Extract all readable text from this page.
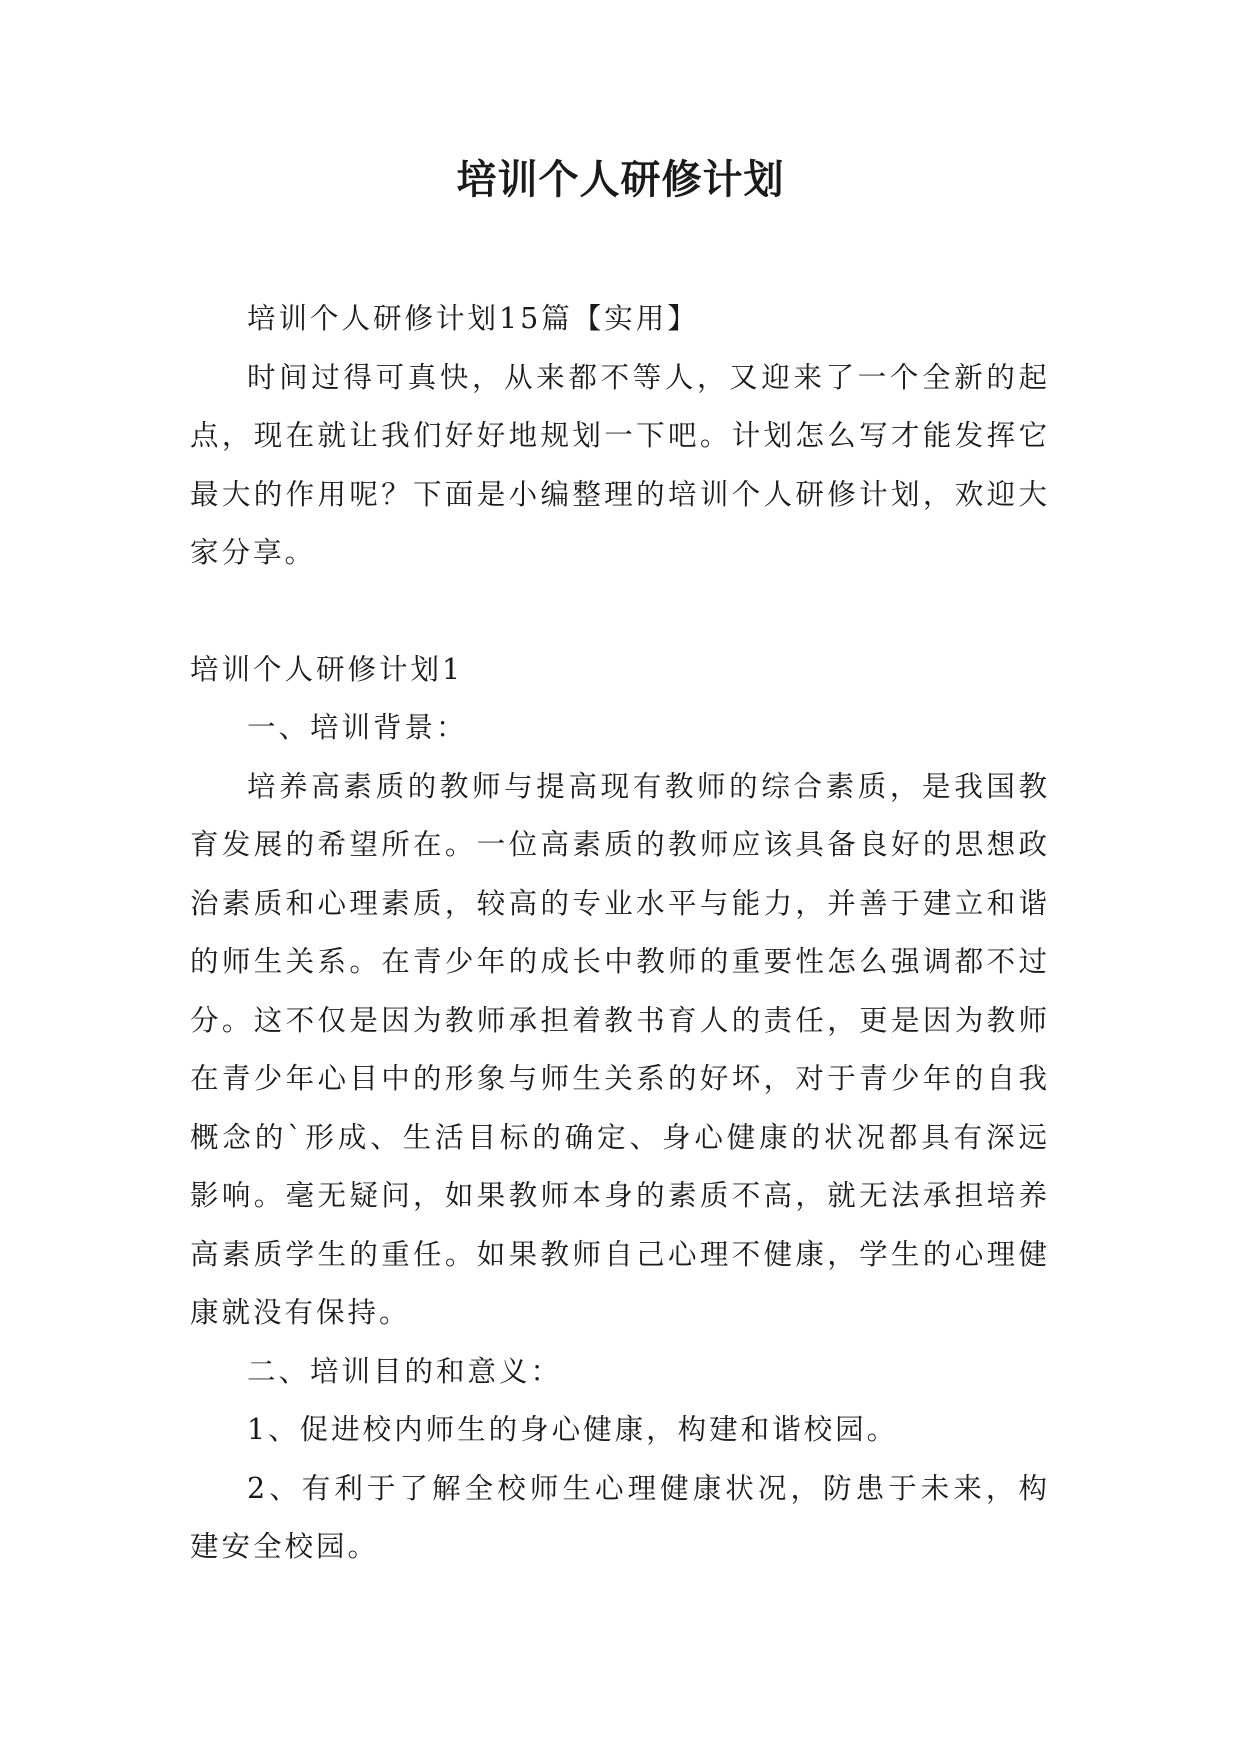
培训个人研修计划

培训个人研修计划15篇【实用】

时间过得可真快，从来都不等人，又迎来了一个全新的起点，现在就让我们好好地规划一下吧。计划怎么写才能发挥它最大的作用呢？下面是小编整理的培训个人研修计划，欢迎大家分享。

培训个人研修计划1

一、培训背景：

培养高素质的教师与提高现有教师的综合素质，是我国教育发展的希望所在。一位高素质的教师应该具备良好的思想政治素质和心理素质，较高的专业水平与能力，并善于建立和谐的师生关系。在青少年的成长中教师的重要性怎么强调都不过分。这不仅是因为教师承担着教书育人的责任，更是因为教师在青少年心目中的形象与师生关系的好坏，对于青少年的自我概念的`形成、生活目标的确定、身心健康的状况都具有深远影响。毫无疑问，如果教师本身的素质不高，就无法承担培养高素质学生的重任。如果教师自己心理不健康，学生的心理健康就没有保持。

二、培训目的和意义：

1、促进校内师生的身心健康，构建和谐校园。

2、有利于了解全校师生心理健康状况，防患于未来，构建安全校园。
